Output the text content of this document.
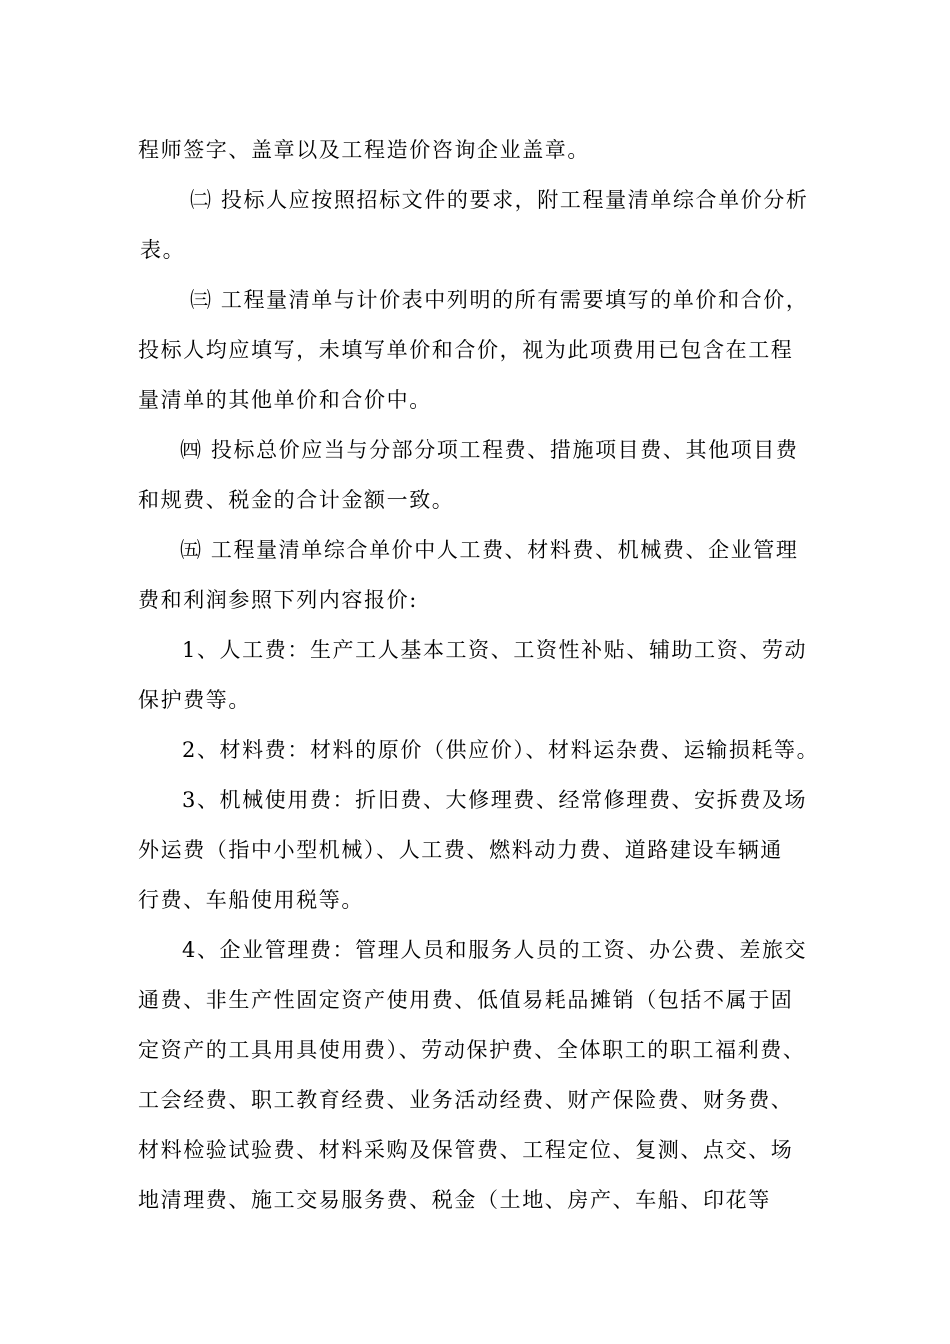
程师签字、盖章以及工程造价咨询企业盖章。
㈡ 投标人应按照招标文件的要求，附工程量清单综合单价分析
表。
㈢ 工程量清单与计价表中列明的所有需要填写的单价和合价，
投标人均应填写，未填写单价和合价，视为此项费用已包含在工程
量清单的其他单价和合价中。
㈣ 投标总价应当与分部分项工程费、措施项目费、其他项目费
和规费、税金的合计金额一致。
㈤ 工程量清单综合单价中人工费、材料费、机械费、企业管理
费和利润参照下列内容报价:
1、人工费：生产工人基本工资、工资性补贴、辅助工资、劳动
保护费等。
2、材料费：材料的原价（供应价）、材料运杂费、运输损耗等。
3、机械使用费：折旧费、大修理费、经常修理费、安拆费及场
外运费（指中小型机械）、人工费、燃料动力费、道路建设车辆通
行费、车船使用税等。
4、企业管理费：管理人员和服务人员的工资、办公费、差旅交
通费、非生产性固定资产使用费、低值易耗品摊销（包括不属于固
定资产的工具用具使用费）、劳动保护费、全体职工的职工福利费、
工会经费、职工教育经费、业务活动经费、财产保险费、财务费、
材料检验试验费、材料采购及保管费、工程定位、复测、点交、场
地清理费、施工交易服务费、税金（土地、房产、车船、印花等
